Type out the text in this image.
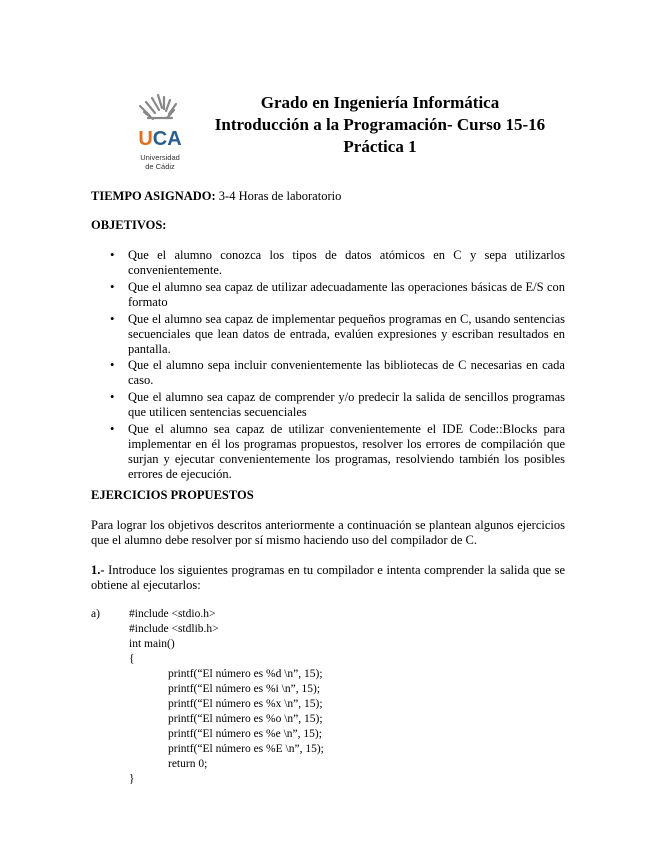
UCA
Universidad
de Cádiz
Grado en Ingeniería Informática
Introducción a la Programación- Curso 15-16
Práctica 1
TIEMPO ASIGNADO: 3-4 Horas de laboratorio
OBJETIVOS:
• Que el alumno conozca los tipos de datos atómicos en C y sepa utilizarlos convenientemente.
• Que el alumno sea capaz de utilizar adecuadamente las operaciones básicas de E/S con formato
• Que el alumno sea capaz de implementar pequeños programas en C, usando sentencias secuenciales que lean datos de entrada, evalúen expresiones y escriban resultados en pantalla.
• Que el alumno sepa incluir convenientemente las bibliotecas de C necesarias en cada caso.
• Que el alumno sea capaz de comprender y/o predecir la salida de sencillos programas que utilicen sentencias secuenciales
• Que el alumno sea capaz de utilizar convenientemente el IDE Code::Blocks para implementar en él los programas propuestos, resolver los errores de compilación que surjan y ejecutar convenientemente los programas, resolviendo también los posibles errores de ejecución.
EJERCICIOS PROPUESTOS
Para lograr los objetivos descritos anteriormente a continuación se plantean algunos ejercicios que el alumno debe resolver por sí mismo haciendo uso del compilador de C.
1.- Introduce los siguientes programas en tu compilador e intenta comprender la salida que se obtiene al ejecutarlos:
a)	#include <stdio.h>
#include <stdlib.h>
int main()
{
printf(“El número es %d \n”, 15);
printf(“El número es %i \n”, 15);
printf(“El número es %x \n”, 15);
printf(“El número es %o \n”, 15);
printf(“El número es %e \n”, 15);
printf(“El número es %E \n”, 15);
return 0;
}
